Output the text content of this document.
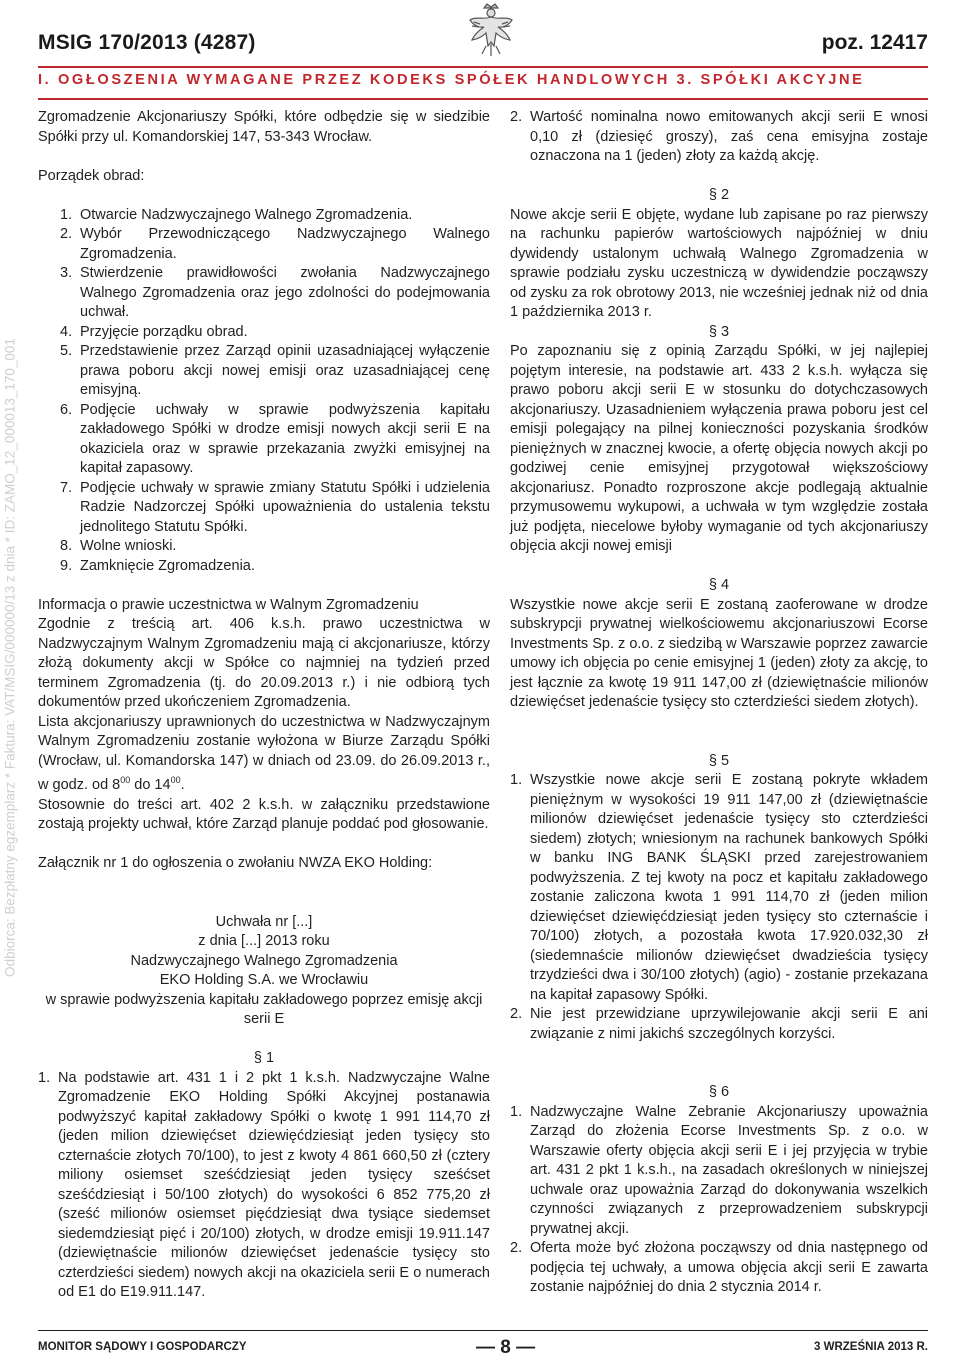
MSIG 170/2013 (4287)	poz. 12417
I. OGŁOSZENIA WYMAGANE PRZEZ KODEKS SPÓŁEK HANDLOWYCH 3. SPÓŁKI AKCYJNE
Odbiorca: Bezpłatny egzemplarz * Faktura: VAT/MSIG/000000/13 z dnia * ID: ZAMO_12_000013_170_001

Zgromadzenie Akcjonariuszy Spółki, które odbędzie się w siedzibie Spółki przy ul. Komandorskiej 147, 53-343 Wrocław.

Porządek obrad:

1. Otwarcie Nadzwyczajnego Walnego Zgromadzenia.
2. Wybór Przewodniczącego Nadzwyczajnego Walnego Zgromadzenia.
3. Stwierdzenie prawidłowości zwołania Nadzwyczajnego Walnego Zgromadzenia oraz jego zdolności do podejmowania uchwał.
4. Przyjęcie porządku obrad.
5. Przedstawienie przez Zarząd opinii uzasadniającej wyłączenie prawa poboru akcji nowej emisji oraz uzasadniającej cenę emisyjną.
6. Podjęcie uchwały w sprawie podwyższenia kapitału zakładowego Spółki w drodze emisji nowych akcji serii E na okaziciela oraz w sprawie przekazania zwyżki emisyjnej na kapitał zapasowy.
7. Podjęcie uchwały w sprawie zmiany Statutu Spółki i udzielenia Radzie Nadzorczej Spółki upoważnienia do ustalenia tekstu jednolitego Statutu Spółki.
8. Wolne wnioski.
9. Zamknięcie Zgromadzenia.

Informacja o prawie uczestnictwa w Walnym Zgromadzeniu

Zgodnie z treścią art. 406 k.s.h. prawo uczestnictwa w Nadzwyczajnym Walnym Zgromadzeniu mają ci akcjonariusze, którzy złożą dokumenty akcji w Spółce co najmniej na tydzień przed terminem Zgromadzenia (tj. do 20.09.2013 r.) i nie odbiorą tych dokumentów przed ukończeniem Zgromadzenia.

Lista akcjonariuszy uprawnionych do uczestnictwa w Nadzwyczajnym Walnym Zgromadzeniu zostanie wyłożona w Biurze Zarządu Spółki (Wrocław, ul. Komandorska 147) w dniach od 23.09. do 26.09.2013 r., w godz. od $8^{00}$ do $14^{00}$.

Stosownie do treści art. 402 2 k.s.h. w załączniku przedstawione zostają projekty uchwał, które Zarząd planuje poddać pod głosowanie.

Załącznik nr 1 do ogłoszenia o zwołaniu NWZA EKO Holding:

Uchwała nr [...]

z dnia [...] 2013 roku

Nadzwyczajnego Walnego Zgromadzenia

EKO Holding S.A. we Wrocławiu

w sprawie podwyższenia kapitału zakładowego poprzez emisję akcji serii E

§ 1

1. Na podstawie art. 431 1 i 2 pkt 1 k.s.h. Nadzwyczajne Walne Zgromadzenie EKO Holding Spółki Akcyjnej postanawia podwyższyć kapitał zakładowy Spółki o kwotę 1 991 114,70 zł (jeden milion dziewięćset dziewięćdziesiąt jeden tysięcy sto czternaście złotych 70/100), to jest z kwoty 4 861 660,50 zł (cztery miliony osiemset sześćdziesiąt jeden tysięcy sześćset sześćdziesiąt i 50/100 złotych) do wysokości 6 852 775,20 zł (sześć milionów osiemset pięćdziesiąt dwa tysiące siedemset siedemdziesiąt pięć i 20/100) złotych, w drodze emisji 19.911.147 (dziewiętnaście milionów dziewięćset jedenaście tysięcy sto czterdzieści siedem) nowych akcji na okaziciela serii E o numerach od E1 do E19.911.147.
2. Wartość nominalna nowo emitowanych akcji serii E wnosi 0,10 zł (dziesięć groszy), zaś cena emisyjna zostaje oznaczona na 1 (jeden) złoty za każdą akcję.

§ 2

Nowe akcje serii E objęte, wydane lub zapisane po raz pierwszy na rachunku papierów wartościowych najpóźniej w dniu dywidendy ustalonym uchwałą Walnego Zgromadzenia w sprawie podziału zysku uczestniczą w dywidendzie począwszy od zysku za rok obrotowy 2013, nie wcześniej jednak niż od dnia 1 października 2013 r.

§ 3

Po zapoznaniu się z opinią Zarządu Spółki, w jej najlepiej pojętym interesie, na podstawie art. 433 2 k.s.h. wyłącza się prawo poboru akcji serii E w stosunku do dotychczasowych akcjonariuszy. Uzasadnieniem wyłączenia prawa poboru jest cel emisji polegający na pilnej konieczności pozyskania środków pieniężnych w znacznej kwocie, a ofertę objęcia nowych akcji po godziwej cenie emisyjnej przygotował większościowy akcjonariusz. Ponadto rozproszone akcje podlegają aktualnie przymusowemu wykupowi, a uchwała w tym względzie została już podjęta, niecelowe byłoby wymaganie od tych akcjonariuszy objęcia akcji nowej emisji

§ 4

Wszystkie nowe akcje serii E zostaną zaoferowane w drodze subskrypcji prywatnej wielkościowemu akcjonariuszowi Ecorse Investments Sp. z o.o. z siedzibą w Warszawie poprzez zawarcie umowy ich objęcia po cenie emisyjnej 1 (jeden) złoty za akcję, to jest łącznie za kwotę 19 911 147,00 zł (dziewiętnaście milionów dziewięćset jedenaście tysięcy sto czterdzieści siedem złotych).

§ 5

1. Wszystkie nowe akcje serii E zostaną pokryte wkładem pieniężnym w wysokości 19 911 147,00 zł (dziewiętnaście milionów dziewięćset jedenaście tysięcy sto czterdzieści siedem) złotych; wniesionym na rachunek bankowych Spółki w banku ING BANK ŚLĄSKI przed zarejestrowaniem podwyższenia. Z tej kwoty na pocz et kapitału zakładowego zostanie zaliczona kwota 1 991 114,70 zł (jeden milion dziewięćset dziewięćdziesiąt jeden tysięcy sto czternaście i 70/100) złotych, a pozostała kwota 17.920.032,30 zł (siedemnaście milionów dziewięćset dwadzieścia tysięcy trzydzieści dwa i 30/100 złotych) (agio) - zostanie przekazana na kapitał zapasowy Spółki.
2. Nie jest przewidziane uprzywilejowanie akcji serii E ani związanie z nimi jakichś szczególnych korzyści.

§ 6

1. Nadzwyczajne Walne Zebranie Akcjonariuszy upoważnia Zarząd do złożenia Ecorse Investments Sp. z o.o. w Warszawie oferty objęcia akcji serii E i jej przyjęcia w trybie art. 431 2 pkt 1 k.s.h., na zasadach określonych w niniejszej uchwale oraz upoważnia Zarząd do dokonywania wszelkich czynności związanych z przeprowadzeniem subskrypcji prywatnej akcji.
2. Oferta może być złożona począwszy od dnia następnego od podjęcia tej uchwały, a umowa objęcia akcji serii E zawarta zostanie najpóźniej do dnia 2 stycznia 2014 r.
MONITOR SĄDOWY I GOSPODARCZY	— 8 —	3 WRZEŚNIA 2013 R.
